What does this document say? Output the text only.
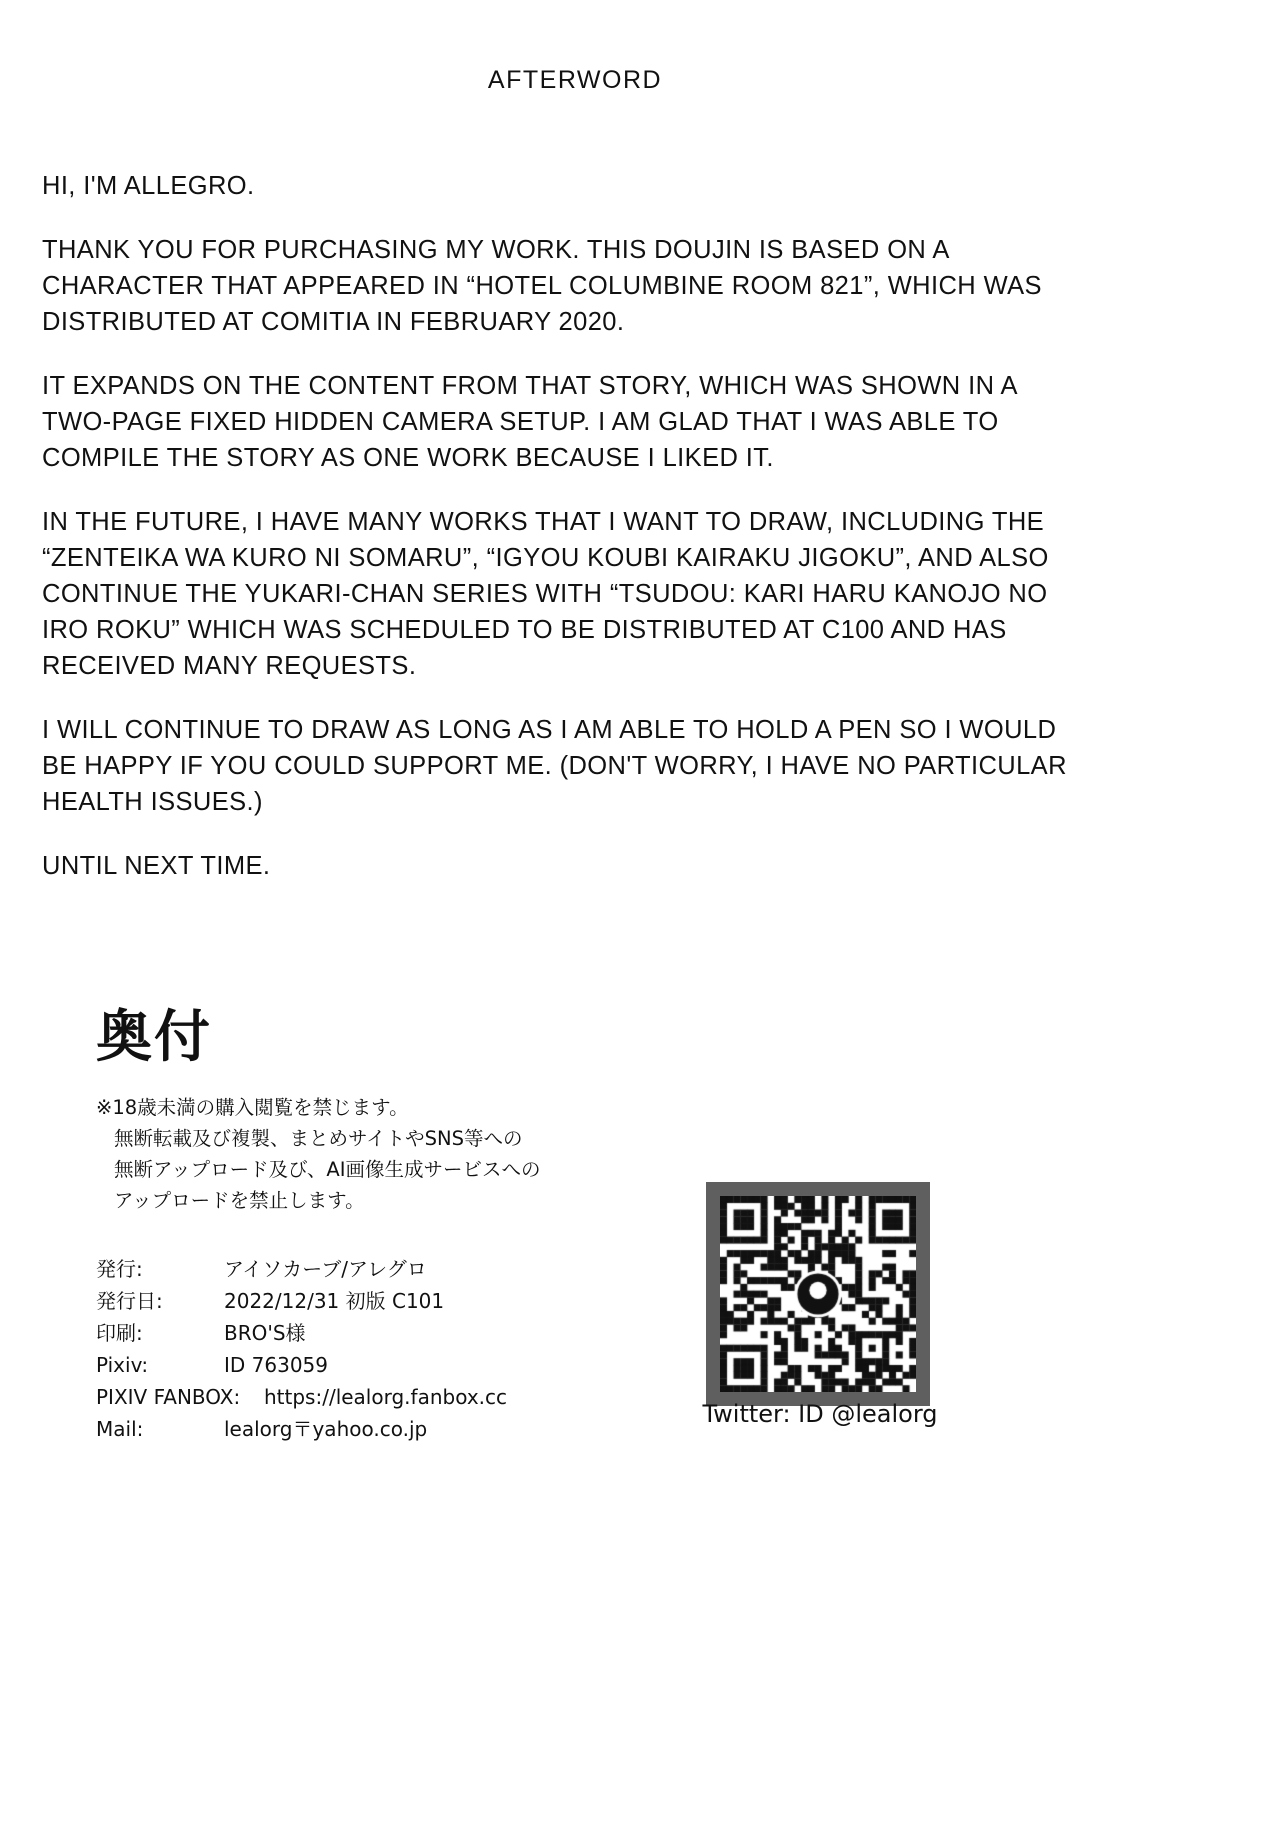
AFTERWORD

HI, I'M ALLEGRO.

THANK YOU FOR PURCHASING MY WORK. THIS DOUJIN IS BASED ON A CHARACTER THAT APPEARED IN “HOTEL COLUMBINE ROOM 821”, WHICH WAS DISTRIBUTED AT COMITIA IN FEBRUARY 2020.

IT EXPANDS ON THE CONTENT FROM THAT STORY, WHICH WAS SHOWN IN A TWO-PAGE FIXED HIDDEN CAMERA SETUP. I AM GLAD THAT I WAS ABLE TO COMPILE THE STORY AS ONE WORK BECAUSE I LIKED IT.

IN THE FUTURE, I HAVE MANY WORKS THAT I WANT TO DRAW, INCLUDING THE “ZENTEIKA WA KURO NI SOMARU”, “IGYOU KOUBI KAIRAKU JIGOKU”, AND ALSO CONTINUE THE YUKARI-CHAN SERIES WITH “TSUDOU: KARI HARU KANOJO NO IRO ROKU” WHICH WAS SCHEDULED TO BE DISTRIBUTED AT C100 AND HAS RECEIVED MANY REQUESTS.

I WILL CONTINUE TO DRAW AS LONG AS I AM ABLE TO HOLD A PEN SO I WOULD BE HAPPY IF YOU COULD SUPPORT ME. (DON'T WORRY, I HAVE NO PARTICULAR HEALTH ISSUES.)

UNTIL NEXT TIME.

奥付
※18歳未満の購入閲覧を禁じます。
無断転載及び複製、まとめサイトやSNS等への
無断アップロード及び、AI画像生成サービスへの
アップロードを禁止します。
発行:	アイソカーブ/アレグロ
発行日:	2022/12/31 初版 C101
印刷:	BRO'S様
Pixiv:	ID 763059
PIXIV FANBOX:	https://lealorg.fanbox.cc
Mail:	lealorg〒yahoo.co.jp
Twitter: ID @lealorg
